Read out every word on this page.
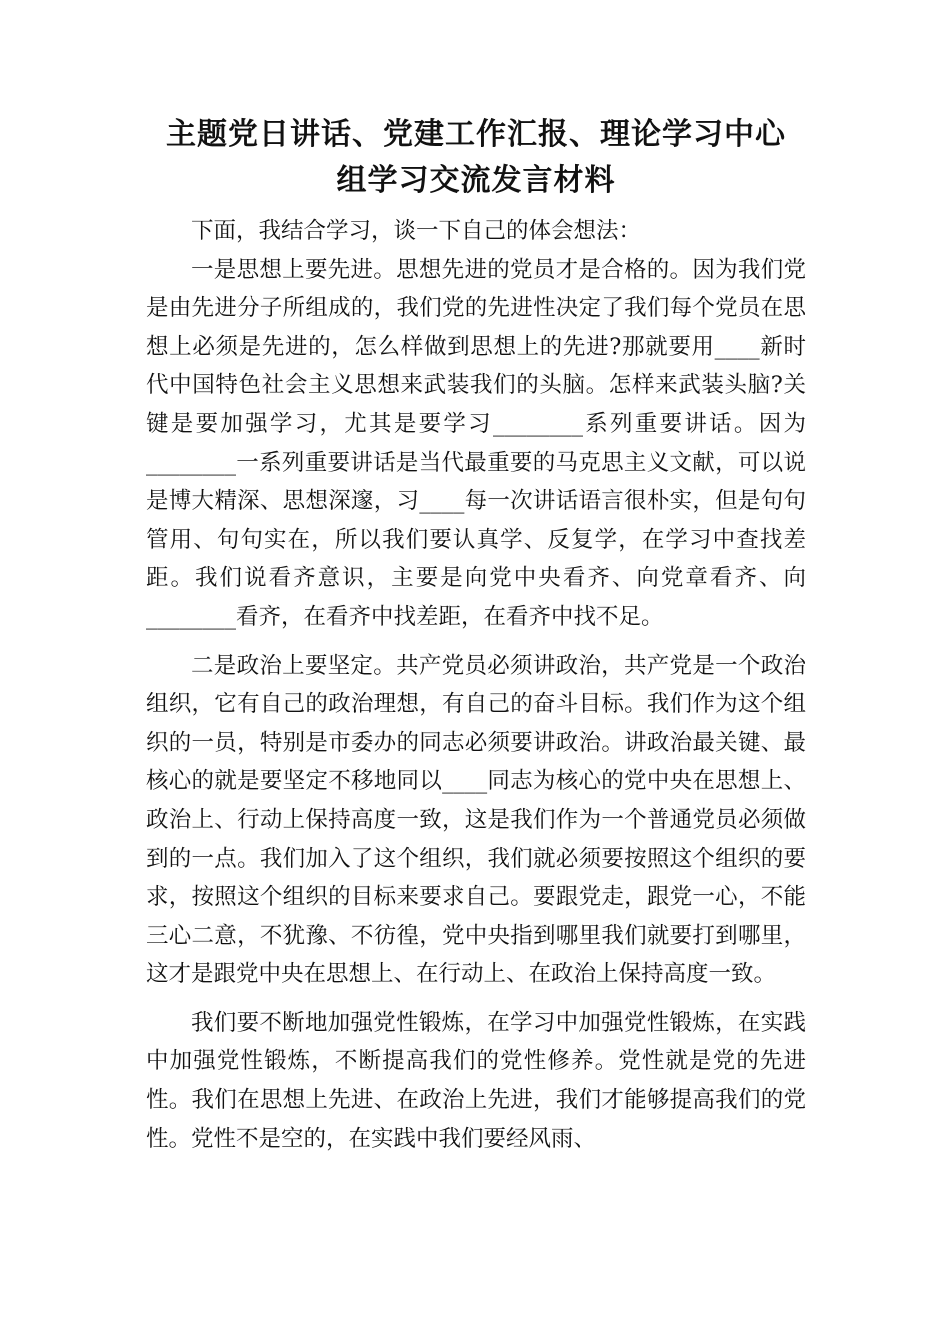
主题党日讲话、党建工作汇报、理论学习中心
组学习交流发言材料

下面，我结合学习，谈一下自己的体会想法：

一是思想上要先进。思想先进的党员才是合格的。因为我们党是由先进分子所组成的，我们党的先进性决定了我们每个党员在思想上必须是先进的，怎么样做到思想上的先进?那就要用____新时代中国特色社会主义思想来武装我们的头脑。怎样来武装头脑?关键是要加强学习，尤其是要学习________系列重要讲话。因为________一系列重要讲话是当代最重要的马克思主义文献，可以说是博大精深、思想深邃，习____每一次讲话语言很朴实，但是句句管用、句句实在，所以我们要认真学、反复学，在学习中查找差距。我们说看齐意识，主要是向党中央看齐、向党章看齐、向________看齐，在看齐中找差距，在看齐中找不足。

二是政治上要坚定。共产党员必须讲政治，共产党是一个政治组织，它有自己的政治理想，有自己的奋斗目标。我们作为这个组织的一员，特别是市委办的同志必须要讲政治。讲政治最关键、最核心的就是要坚定不移地同以____同志为核心的党中央在思想上、政治上、行动上保持高度一致，这是我们作为一个普通党员必须做到的一点。我们加入了这个组织，我们就必须要按照这个组织的要求，按照这个组织的目标来要求自己。要跟党走，跟党一心，不能三心二意，不犹豫、不彷徨，党中央指到哪里我们就要打到哪里，这才是跟党中央在思想上、在行动上、在政治上保持高度一致。

我们要不断地加强党性锻炼，在学习中加强党性锻炼，在实践中加强党性锻炼，不断提高我们的党性修养。党性就是党的先进性。我们在思想上先进、在政治上先进，我们才能够提高我们的党性。党性不是空的，在实践中我们要经风雨、
